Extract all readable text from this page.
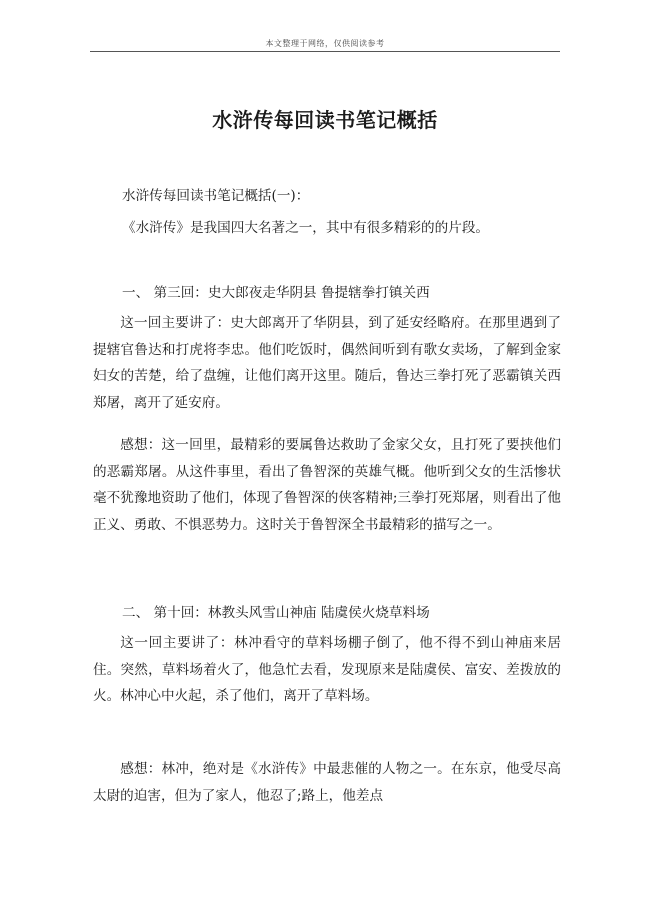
本文整理于网络，仅供阅读参考
水浒传每回读书笔记概括
水浒传每回读书笔记概括(一)：
《水浒传》是我国四大名著之一，其中有很多精彩的的片段。
一、 第三回：史大郎夜走华阴县 鲁提辖拳打镇关西
这一回主要讲了：史大郎离开了华阴县，到了延安经略府。在那里遇到了提辖官鲁达和打虎将李忠。他们吃饭时，偶然间听到有歌女卖场，了解到金家妇女的苦楚，给了盘缠，让他们离开这里。随后，鲁达三拳打死了恶霸镇关西郑屠，离开了延安府。
感想：这一回里，最精彩的要属鲁达救助了金家父女，且打死了要挟他们的恶霸郑屠。从这件事里，看出了鲁智深的英雄气概。他听到父女的生活惨状毫不犹豫地资助了他们，体现了鲁智深的侠客精神;三拳打死郑屠，则看出了他正义、勇敢、不惧恶势力。这时关于鲁智深全书最精彩的描写之一。
二、 第十回：林教头风雪山神庙 陆虞侯火烧草料场
这一回主要讲了：林冲看守的草料场棚子倒了，他不得不到山神庙来居住。突然，草料场着火了，他急忙去看，发现原来是陆虞侯、富安、差拨放的火。林冲心中火起，杀了他们，离开了草料场。
感想：林冲，绝对是《水浒传》中最悲催的人物之一。在东京，他受尽高太尉的迫害，但为了家人，他忍了;路上，他差点
